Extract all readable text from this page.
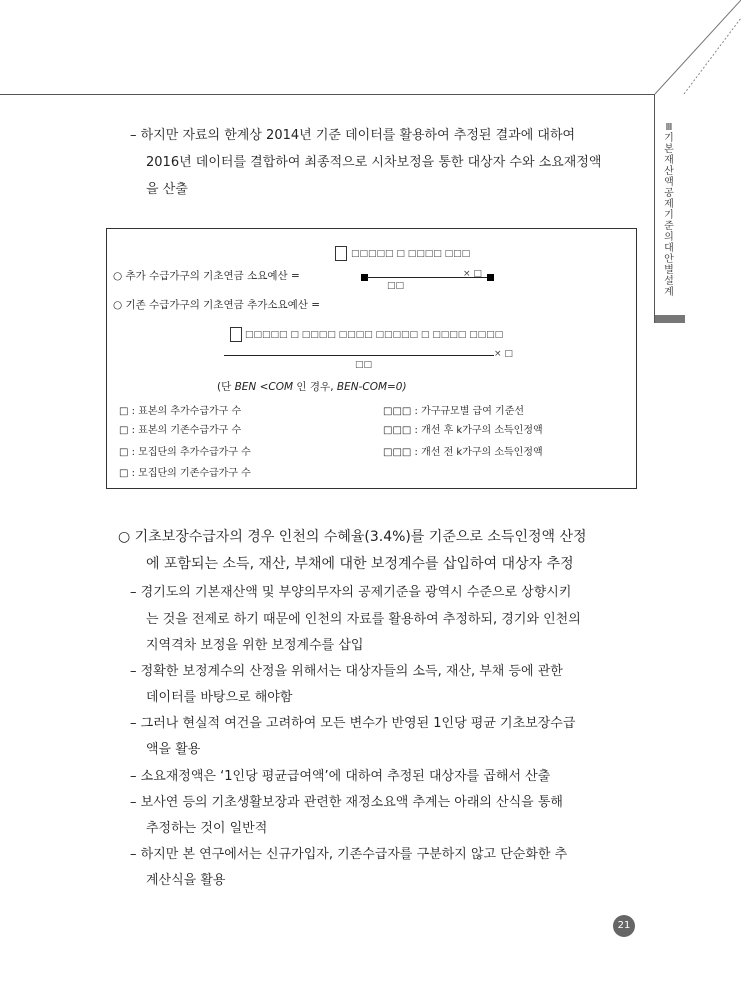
Ⅲ 기본재산액 공제기준의 대안별 설계
– 하지만 자료의 한계상 2014년 기준 데이터를 활용하여 추정된 결과에 대하여
2016년 데이터를 결합하여 최종적으로 시차보정을 통한 대상자 수와 소요재정액
을 산출
□□□□□ □ □□□□ □□□
○ 추가 수급가구의 기초연금 소요예산 =	× □
□□
○ 기존 수급가구의 기초연금 추가소요예산 =
□□□□□ □ □□□□ □□□□ □□□□□ □ □□□□ □□□□
× □
□□
(단 BEN <COM 인 경우, BEN-COM=0)
□ : 표본의 추가수급가구 수
□ : 표본의 기존수급가구 수
□ : 모집단의 추가수급가구 수
□ : 모집단의 기존수급가구 수
□□□ : 가구규모별 급여 기준선
□□□ : 개선 후 k가구의 소득인정액
□□□ : 개선 전 k가구의 소득인정액
○ 기초보장수급자의 경우 인천의 수혜율(3.4%)를 기준으로 소득인정액 산정
에 포함되는 소득, 재산, 부채에 대한 보정계수를 삽입하여 대상자 추정
– 경기도의 기본재산액 및 부양의무자의 공제기준을 광역시 수준으로 상향시키
는 것을 전제로 하기 때문에 인천의 자료를 활용하여 추정하되, 경기와 인천의
지역격차 보정을 위한 보정계수를 삽입
– 정확한 보정계수의 산정을 위해서는 대상자들의 소득, 재산, 부채 등에 관한
데이터를 바탕으로 해야함
– 그러나 현실적 여건을 고려하여 모든 변수가 반영된 1인당 평균 기초보장수급
액을 활용
– 소요재정액은 ‘1인당 평균급여액’에 대하여 추정된 대상자를 곱해서 산출
– 보사연 등의 기초생활보장과 관련한 재정소요액 추계는 아래의 산식을 통해
추정하는 것이 일반적
– 하지만 본 연구에서는 신규가입자, 기존수급자를 구분하지 않고 단순화한 추
계산식을 활용
21
